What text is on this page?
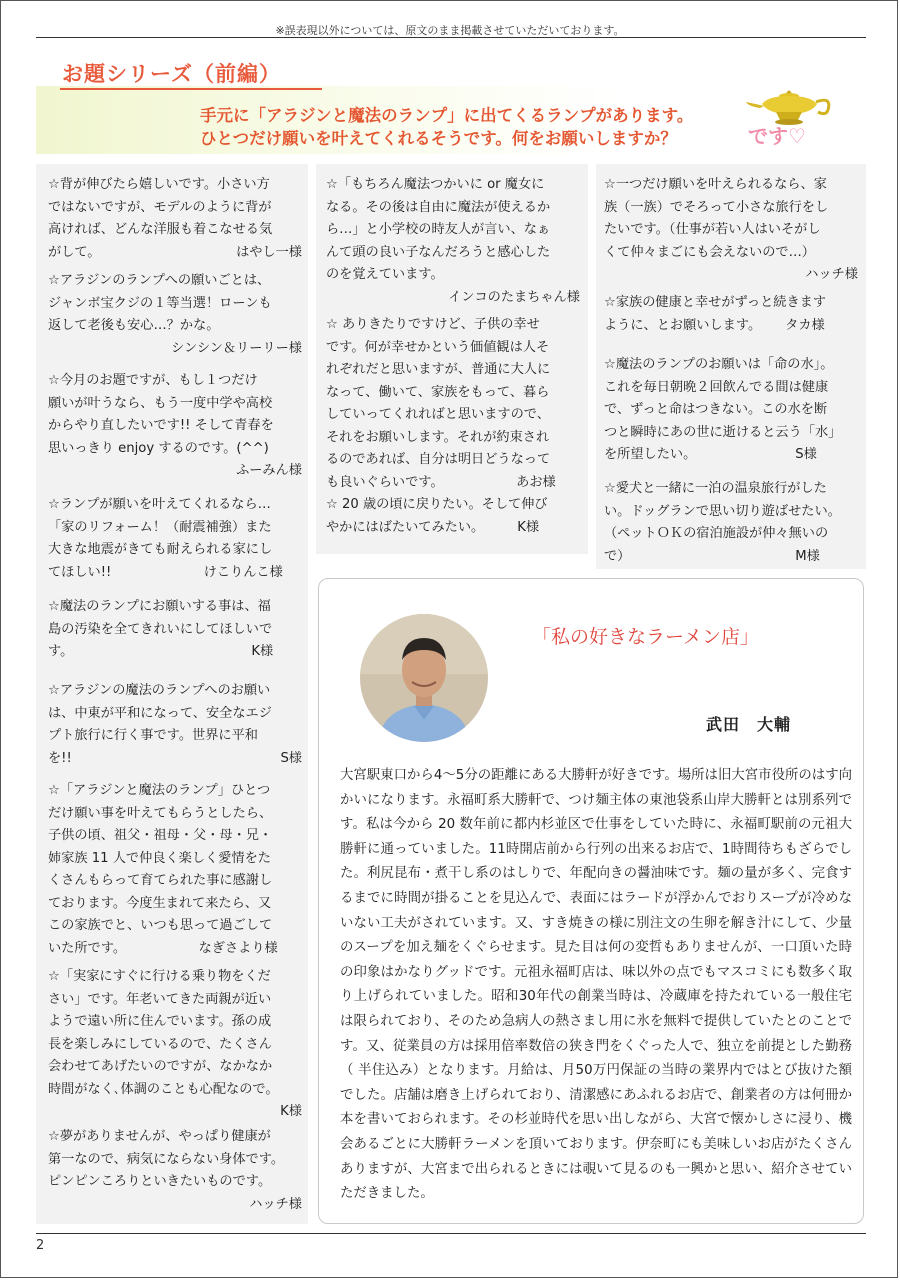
※誤表現以外については、原文のまま掲載させていただいております。
お題シリーズ（前編）
手元に「アラジンと魔法のランプ」に出てくるランプがあります。
ひとつだけ願いを叶えてくれるそうです。何をお願いしますか？	です♡
☆背が伸びたら嬉しいです。小さい方
ではないですが、モデルのように背が
高ければ、どんな洋服も着こなせる気
がして。	はやし一様
☆アラジンのランプへの願いごとは、
ジャンボ宝クジの１等当選！ローンも
返して老後も安心…？かな。
シンシン＆リーリー様
☆今月のお題ですが、もし１つだけ
願いが叶うなら、もう一度中学や高校
からやり直したいです!! そして青春を
思いっきり enjoy するのです。(^^)
ふーみん様
☆ランプが願いを叶えてくれるなら…
「家のリフォーム！（耐震補強）また
大きな地震がきても耐えられる家にし
てほしい!!　　　　　　　けこりんこ様
☆魔法のランプにお願いする事は、福
島の汚染を全てきれいにしてほしいで
す。　　　　　　　　　　　　　　K様
☆アラジンの魔法のランプへのお願い
は、中東が平和になって、安全なエジ
プト旅行に行く事です。世界に平和
を!!	S様
☆「アラジンと魔法のランプ」ひとつ
だけ願い事を叶えてもらうとしたら、
子供の頃、祖父・祖母・父・母・兄・
姉家族 11 人で仲良く楽しく愛情をた
くさんもらって育てられた事に感謝し
ております。今度生まれて来たら、又
この家族でと、いつも思って過ごして
いた所です。　　　　　　なぎさより様
☆「実家にすぐに行ける乗り物をくだ
さい」です。年老いてきた両親が近い
ようで遠い所に住んでいます。孫の成
長を楽しみにしているので、たくさん
会わせてあげたいのですが、なかなか
時間がなく､体調のことも心配なので。
K様
☆夢がありませんが、やっぱり健康が
第一なので、病気にならない身体です。
ピンピンころりといきたいものです。
ハッチ様
☆「もちろん魔法つかいに or 魔女に
なる。その後は自由に魔法が使えるか
ら…」と小学校の時友人が言い、なぁ
んて頭の良い子なんだろうと感心した
のを覚えています。
インコのたまちゃん様
☆ ありきたりですけど、子供の幸せ
です。何が幸せかという価値観は人そ
れぞれだと思いますが、普通に大人に
なって、働いて、家族をもって、暮ら
していってくれればと思いますので、
それをお願いします。それが約束され
るのであれば、自分は明日どうなって
も良いぐらいです。　　　　　　あお様
☆ 20 歳の頃に戻りたい。そして伸び
やかにはばたいてみたい。　　　K様
☆一つだけ願いを叶えられるなら、家
族（一族）でそろって小さな旅行をし
たいです。（仕事が若い人はいそがし
くて仲々まごにも会えないので…）
ハッチ様
☆家族の健康と幸せがずっと続きます
ように、とお願いします。　　 タカ様
☆魔法のランプのお願いは「命の水」。
これを毎日朝晩２回飲んでる間は健康
で、ずっと命はつきない。この水を断
つと瞬時にあの世に逝けると云う「水」
を所望したい。　　　　　　　　S様
☆愛犬と一緒に一泊の温泉旅行がした
い。ドッグランで思い切り遊ばせたい。
（ペットＯＫの宿泊施設が仲々無いの
で）　　　　　　　　　　　　　M様
「私の好きなラーメン店」
武田　大輔
大宮駅東口から4～5分の距離にある大勝軒が好きです。場所は旧大宮市役所のはす向かいになります。永福町系大勝軒で、つけ麺主体の東池袋系山岸大勝軒とは別系列です。私は今から 20 数年前に都内杉並区で仕事をしていた時に、永福町駅前の元祖大勝軒に通っていました。11時開店前から行列の出来るお店で、1時間待ちもざらでした。利尻昆布・煮干し系のはしりで、年配向きの醤油味です。麺の量が多く、完食するまでに時間が掛ることを見込んで、表面にはラードが浮かんでおりスープが冷めないない工夫がされています。又、すき焼きの様に別注文の生卵を解き汁にして、少量のスープを加え麺をくぐらせます。見た目は何の変哲もありませんが、一口頂いた時の印象はかなりグッドです。元祖永福町店は、味以外の点でもマスコミにも数多く取り上げられていました。昭和30年代の創業当時は、冷蔵庫を持たれている一般住宅は限られており、そのため急病人の熱さまし用に氷を無料で提供していたとのことです。又、従業員の方は採用倍率数倍の狭き門をくぐった人で、独立を前提とした勤務（ 半住込み）となります。月給は、月50万円保証の当時の業界内ではとび抜けた額でした。店舗は磨き上げられており、清潔感にあふれるお店で、創業者の方は何冊か本を書いておられます。その杉並時代を思い出しながら、大宮で懐かしさに浸り、機会あるごとに大勝軒ラーメンを頂いております。伊奈町にも美味しいお店がたくさんありますが、大宮まで出られるときには覗いて見るのも一興かと思い、紹介させていただきました。
2
